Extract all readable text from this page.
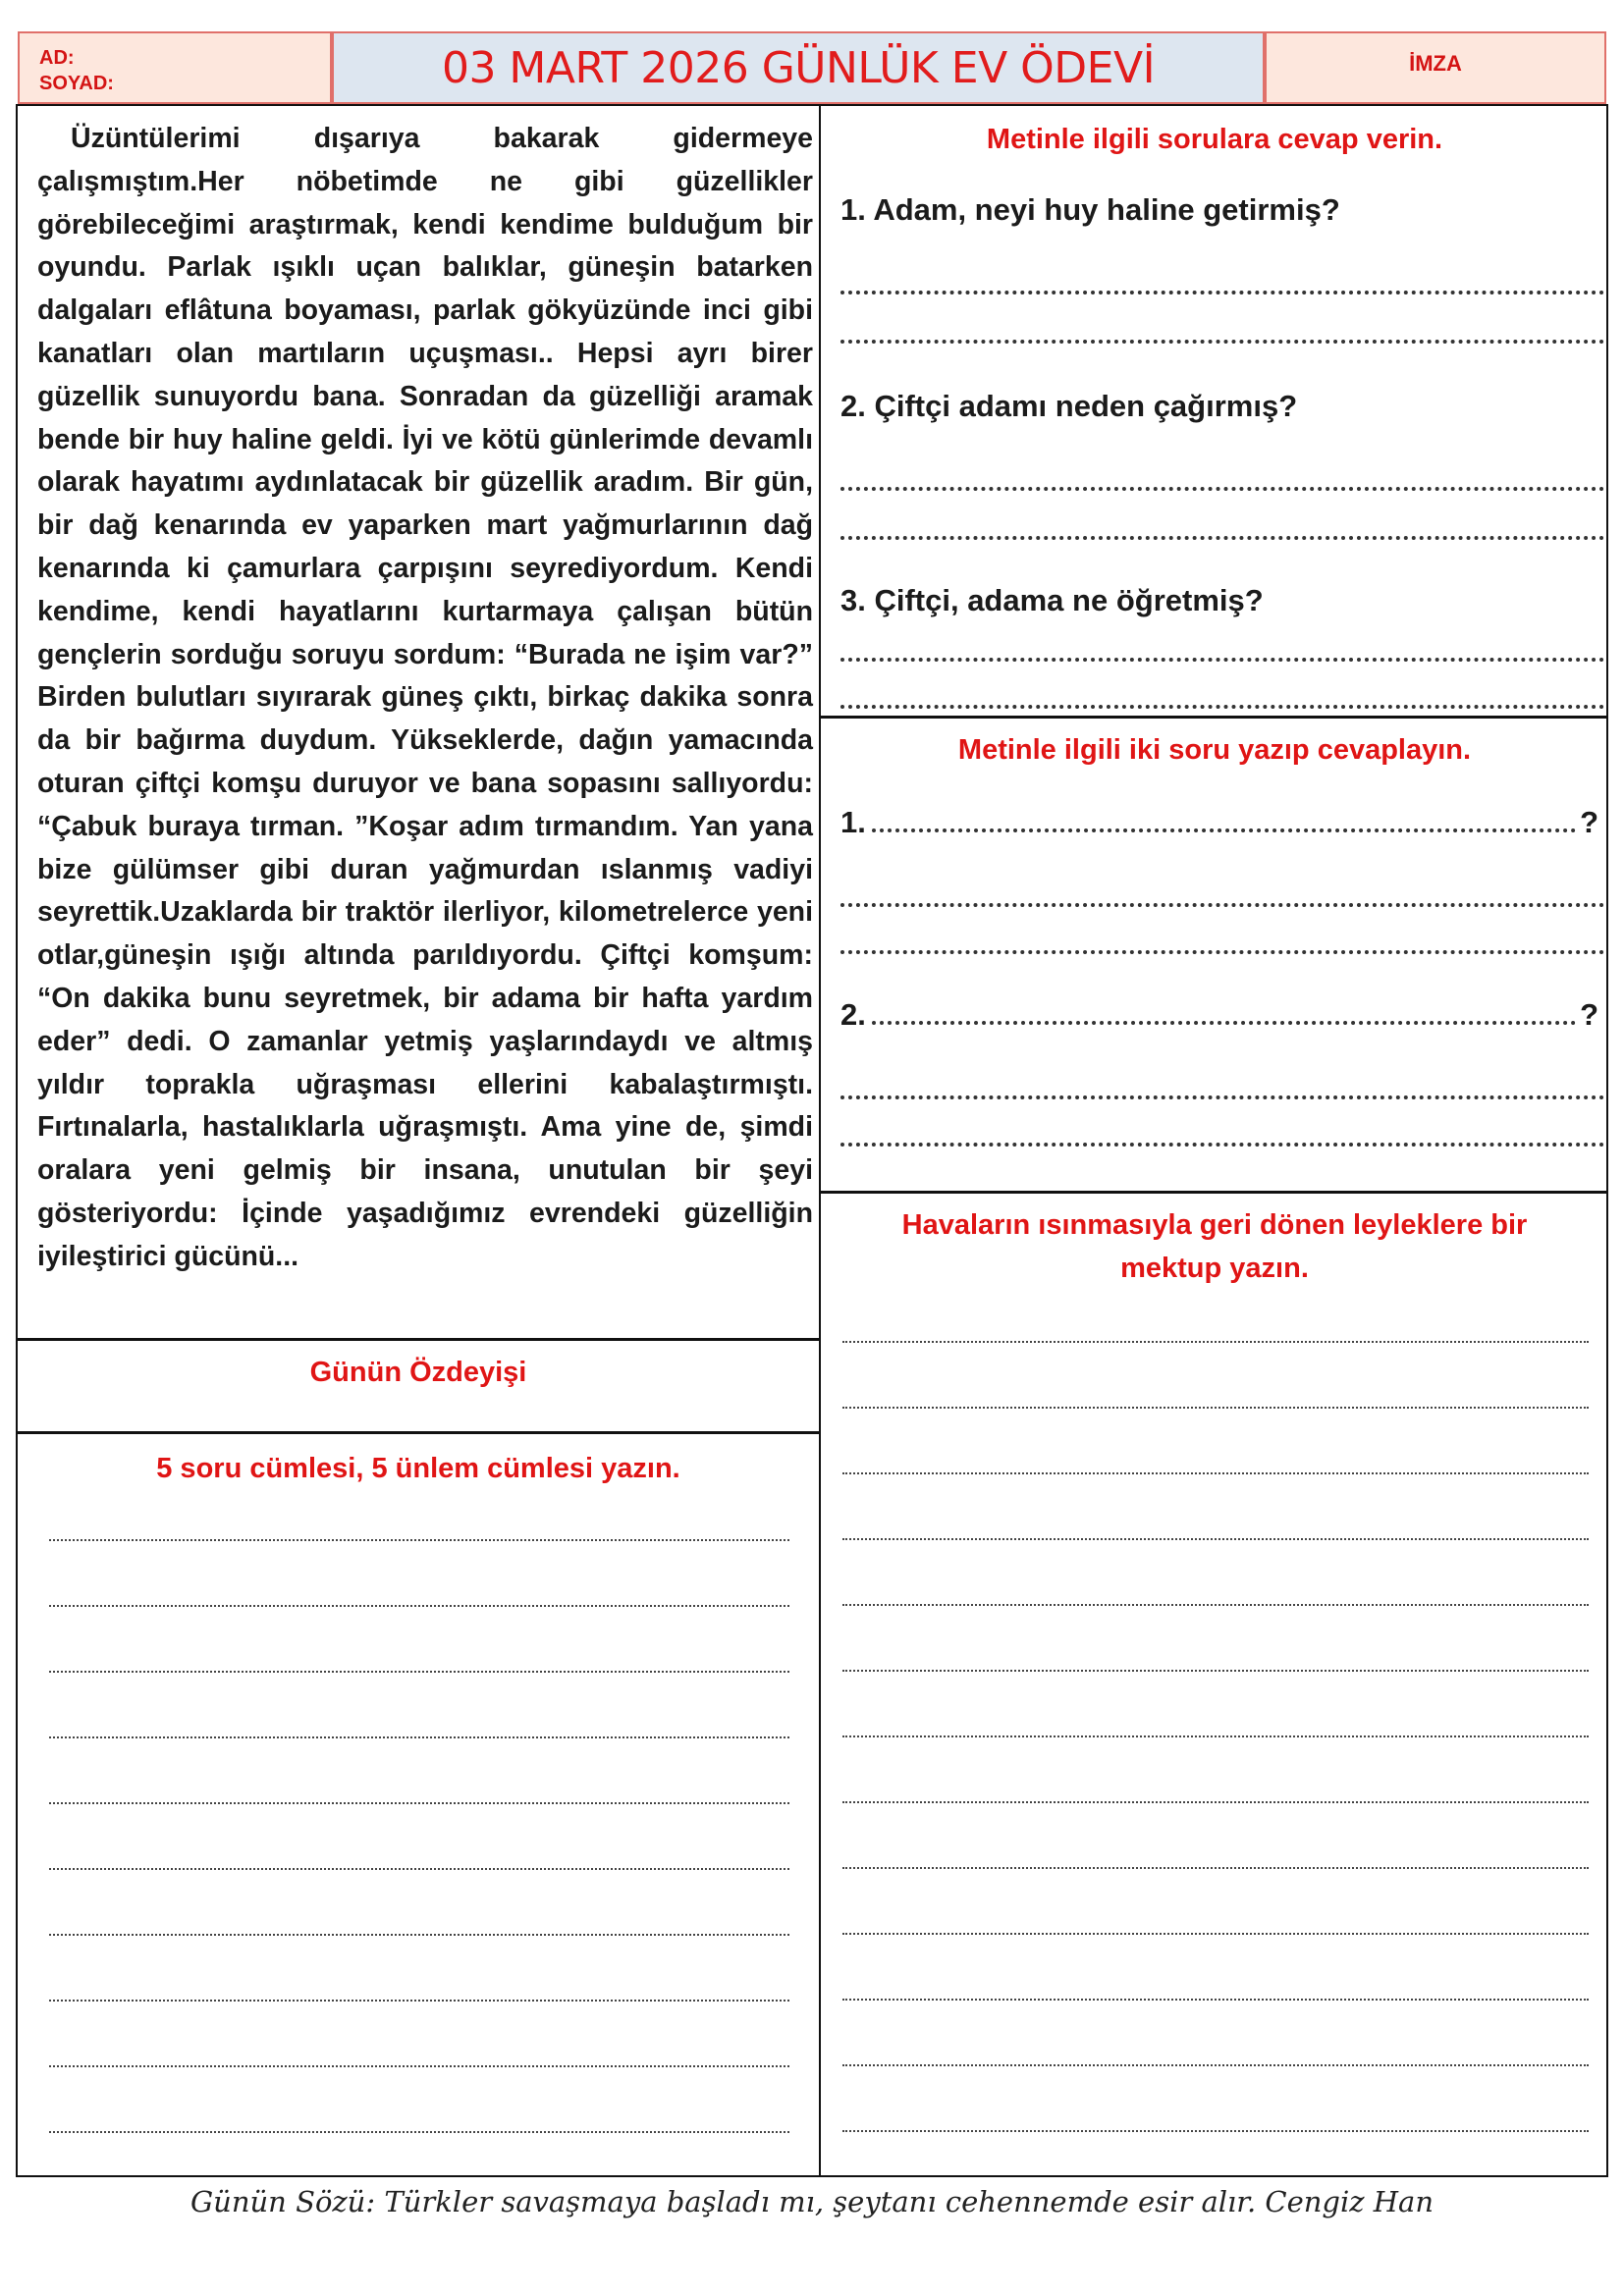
AD:
SOYAD:	03 MART 2026 GÜNLÜK EV ÖDEVİ	İMZA

Üzüntülerimi dışarıya bakarak gidermeye çalışmıştım.Her nöbetimde ne gibi güzellikler görebileceğimi araştırmak, kendi kendime bulduğum bir oyundu. Parlak ışıklı uçan balıklar, güneşin batarken dalgaları eflâtuna boyaması, parlak gökyüzünde inci gibi kanatları olan martıların uçuşması.. Hepsi ayrı birer güzellik sunuyordu bana. Sonradan da güzelliği aramak bende bir huy haline geldi. İyi ve kötü günlerimde devamlı olarak hayatımı aydınlatacak bir güzellik aradım. Bir gün, bir dağ kenarında ev yaparken mart yağmurlarının dağ kenarında ki çamurlara çarpışını seyrediyordum. Kendi kendime, kendi hayatlarını kurtarmaya çalışan bütün gençlerin sorduğu soruyu sordum: “Burada ne işim var?” Birden bulutları sıyırarak güneş çıktı, birkaç dakika sonra da bir bağırma duydum. Yükseklerde, dağın yamacında oturan çiftçi komşu duruyor ve bana sopasını sallıyordu: “Çabuk buraya tırman. ”Koşar adım tırmandım. Yan yana bize gülümser gibi duran yağmurdan ıslanmış vadiyi seyrettik.Uzaklarda bir traktör ilerliyor, kilometrelerce yeni otlar,güneşin ışığı altında parıldıyordu. Çiftçi komşum: “On dakika bunu seyretmek, bir adama bir hafta yardım eder” dedi. O zamanlar yetmiş yaşlarındaydı ve altmış yıldır toprakla uğraşması ellerini kabalaştırmıştı. Fırtınalarla, hastalıklarla uğraşmıştı. Ama yine de, şimdi oralara yeni gelmiş bir insana, unutulan bir şeyi gösteriyordu: İçinde yaşadığımız evrendeki güzelliğin iyileştirici gücünü...

Günün Özdeyişi
5 soru cümlesi, 5 ünlem cümlesi yazın.
Metinle ilgili sorulara cevap verin.
1. Adam, neyi huy haline getirmiş?
2. Çiftçi adamı neden çağırmış?
3. Çiftçi, adama ne öğretmiş?
Metinle ilgili iki soru yazıp cevaplayın.
1.	?
2.	?
Havaların ısınmasıyla geri dönen leyleklere bir mektup yazın.
Günün Sözü: Türkler savaşmaya başladı mı, şeytanı cehennemde esir alır. Cengiz Han
